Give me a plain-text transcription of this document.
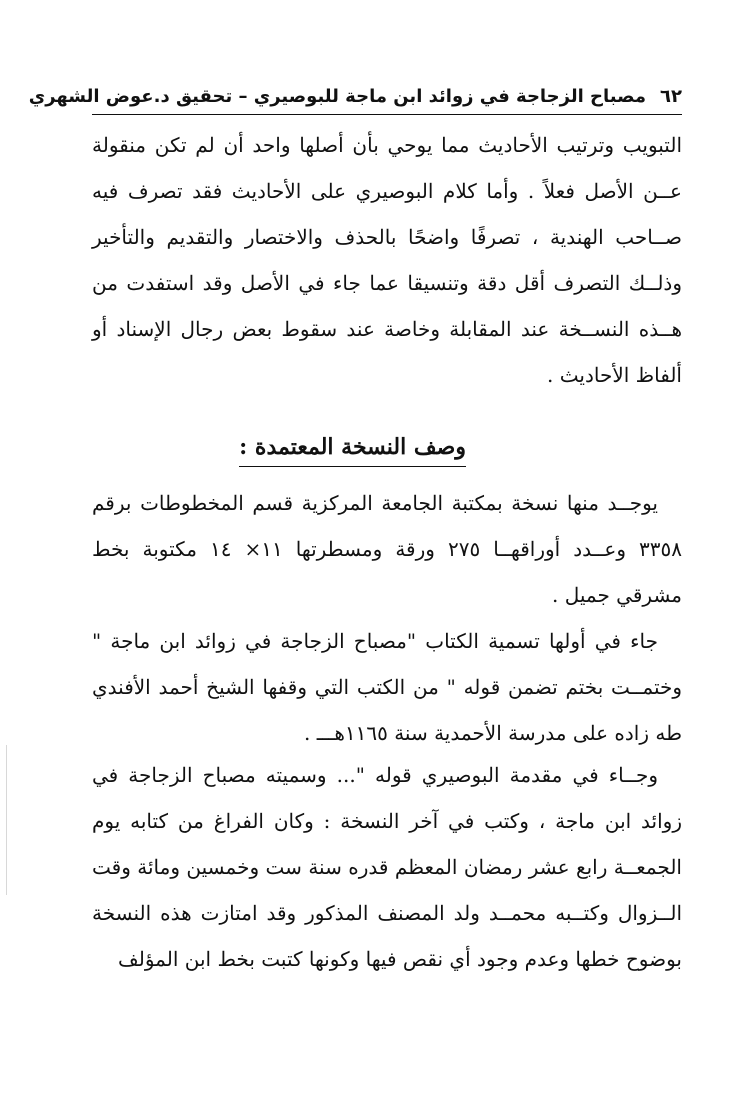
٦٢مصباح الزجاجة في زوائد ابن ماجة للبوصيري – تحقيق د.عوض الشهري

التبويب وترتيب الأحاديث مما يوحي بأن أصلها واحد أن لم تكن منقولة عــن الأصل فعلاً . وأما كلام البوصيري على الأحاديث فقد تصرف فيه صــاحب الهندية ، تصرفًا واضحًا بالحذف والاختصار والتقديم والتأخير وذلــك التصرف أقل دقة وتنسيقا عما جاء في الأصل وقد استفدت من هــذه النســخة عند المقابلة وخاصة عند سقوط بعض رجال الإسناد أو ألفاظ الأحاديث .

وصف النسخة المعتمدة :

يوجــد منها نسخة بمكتبة الجامعة المركزية قسم المخطوطات برقم ٣٣٥٨ وعــدد أوراقهــا ٢٧٥ ورقة ومسطرتها ١١× ١٤ مكتوبة بخط مشرقي جميل .

جاء في أولها تسمية الكتاب "مصباح الزجاجة في زوائد ابن ماجة " وختمــت بختم تضمن قوله " من الكتب التي وقفها الشيخ أحمد الأفندي طه زاده على مدرسة الأحمدية سنة ١١٦٥هـــ .

وجــاء في مقدمة البوصيري قوله "... وسميته مصباح الزجاجة في زوائد ابن ماجة ، وكتب في آخر النسخة : وكان الفراغ من كتابه يوم الجمعــة رابع عشر رمضان المعظم قدره سنة ست وخمسين ومائة وقت الــزوال وكتــبه محمــد ولد المصنف المذكور وقد امتازت هذه النسخة بوضوح خطها وعدم وجود أي نقص فيها وكونها كتبت بخط ابن المؤلف
